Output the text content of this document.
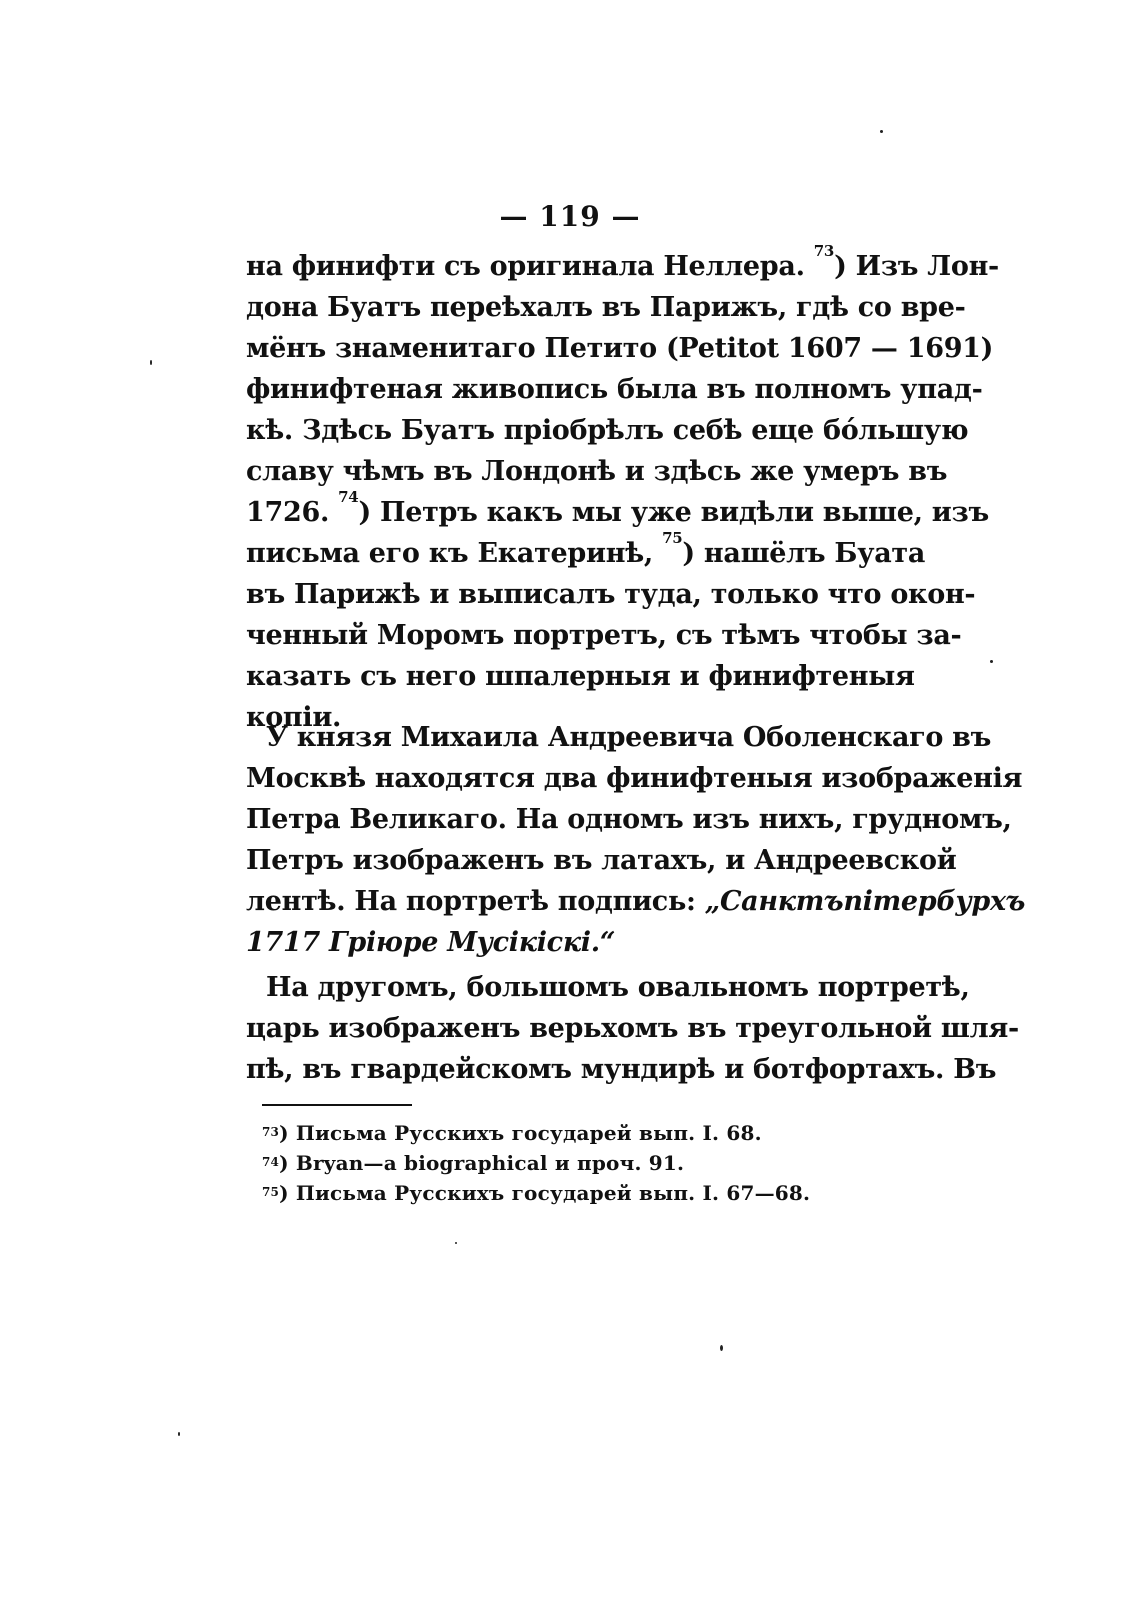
— 119 —
на финифти съ оригинала Неллера. $^{73}$) Изъ Лон-
дона Буатъ переѣхалъ въ Парижъ, гдѣ со вре-
мёнъ знаменитаго Петито (Petitot 1607 — 1691)
финифтеная живопись была въ полномъ упад-
кѣ. Здѣсь Буатъ пріобрѣлъ себѣ еще бо́льшую
славу чѣмъ въ Лондонѣ и здѣсь же умеръ въ
1726. $^{74}$) Петръ какъ мы уже видѣли выше, изъ
письма его къ Екатеринѣ, $^{75}$) нашёлъ Буата
въ Парижѣ и выписалъ туда, только что окон-
ченный Моромъ портретъ, съ тѣмъ чтобы за-
казать съ него шпалерныя и финифтеныя
копіи.
У князя Михаила Андреевича Оболенскаго въ
Москвѣ находятся два финифтеныя изображенія
Петра Великаго. На одномъ изъ нихъ, грудномъ,
Петръ изображенъ въ латахъ, и Андреевской
лентѣ. На портретѣ подпись: „Санктъпітербурхъ
1717 Гріюре Мусікіскі.“
На другомъ, большомъ овальномъ портретѣ,
царь изображенъ верьхомъ въ треугольной шля-
пѣ, въ гвардейскомъ мундирѣ и ботфортахъ. Въ
$^{73}$) Письма Русскихъ государей вып. I. 68.
$^{74}$) Bryan—a biographical и проч. 91.
$^{75}$) Письма Русскихъ государей вып. I. 67—68.
